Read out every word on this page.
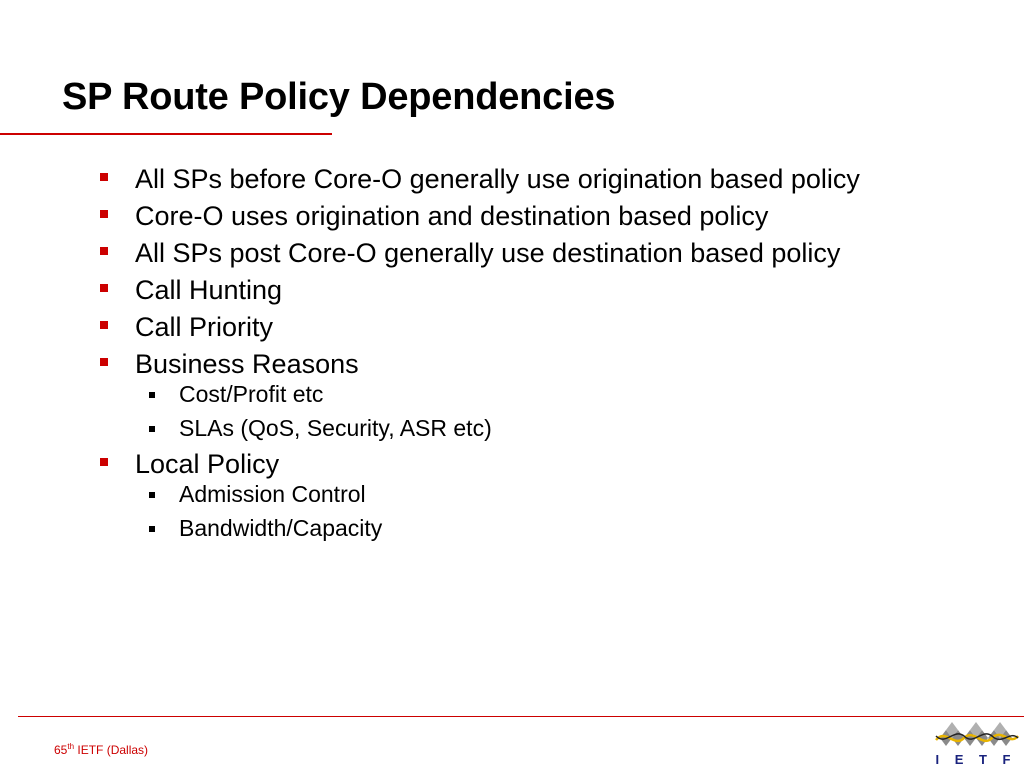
SP Route Policy Dependencies
All SPs before Core-O generally use origination based policy
Core-O uses origination and destination based policy
All SPs post Core-O generally use destination based policy
Call Hunting
Call Priority
Business Reasons
Cost/Profit etc
SLAs (QoS, Security, ASR etc)
Local Policy
Admission Control
Bandwidth/Capacity
65th IETF (Dallas)
I E T F
